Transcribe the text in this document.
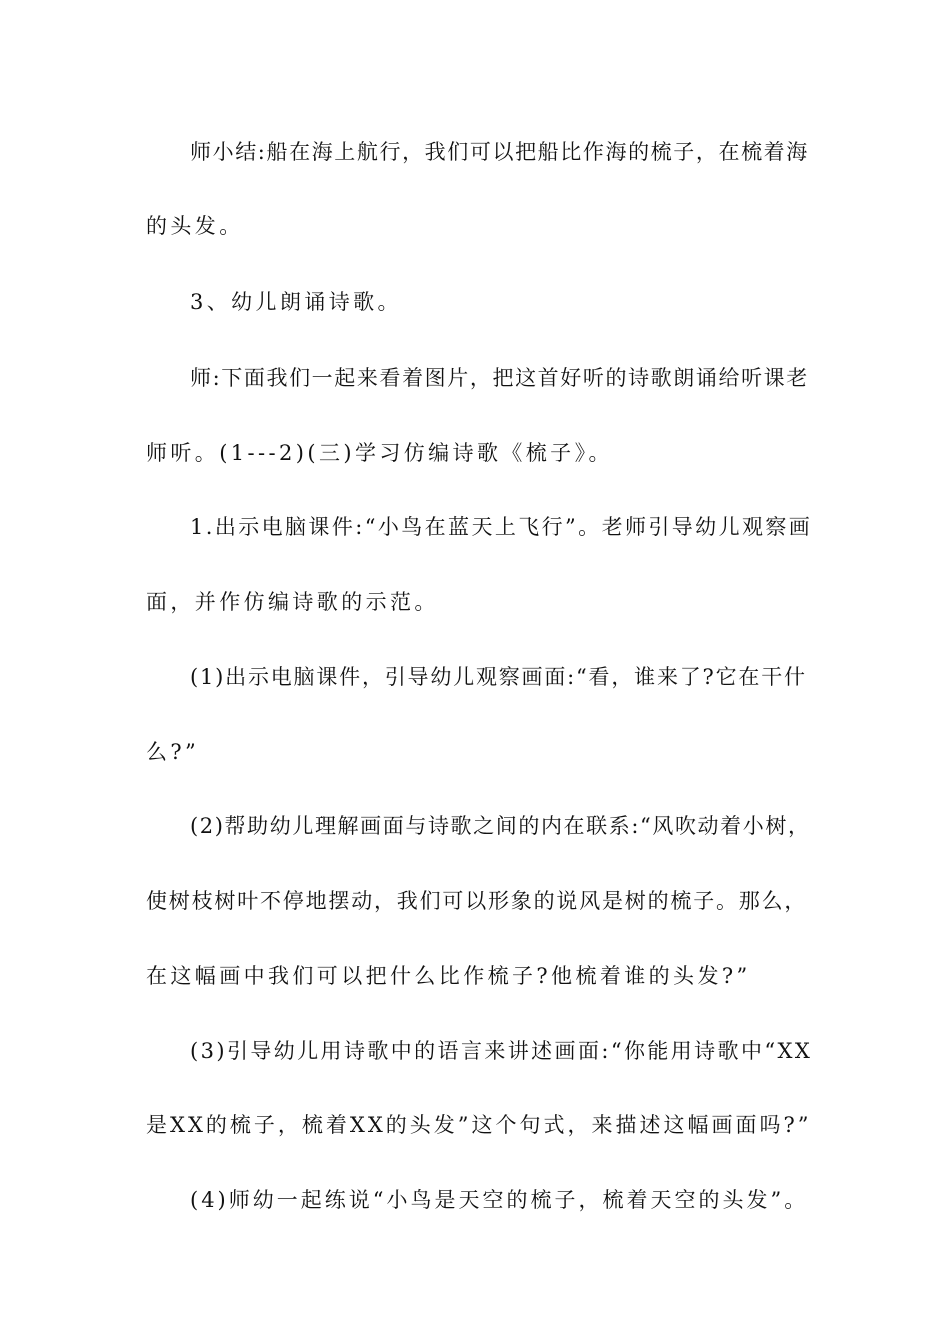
师小结:船在海上航行，我们可以把船比作海的梳子，在梳着海
的头发。
3、幼儿朗诵诗歌。
师:下面我们一起来看着图片，把这首好听的诗歌朗诵给听课老
师听。(1---2)(三)学习仿编诗歌《梳子》。
1.出示电脑课件:“小鸟在蓝天上飞行”。老师引导幼儿观察画
面，并作仿编诗歌的示范。
(1)出示电脑课件，引导幼儿观察画面:“看，谁来了?它在干什
么?”
(2)帮助幼儿理解画面与诗歌之间的内在联系:“风吹动着小树，
使树枝树叶不停地摆动，我们可以形象的说风是树的梳子。那么，
在这幅画中我们可以把什么比作梳子?他梳着谁的头发?”
(3)引导幼儿用诗歌中的语言来讲述画面:“你能用诗歌中“XX
是XX的梳子，梳着XX的头发”这个句式，来描述这幅画面吗?”
(4)师幼一起练说“小鸟是天空的梳子，梳着天空的头发”。
